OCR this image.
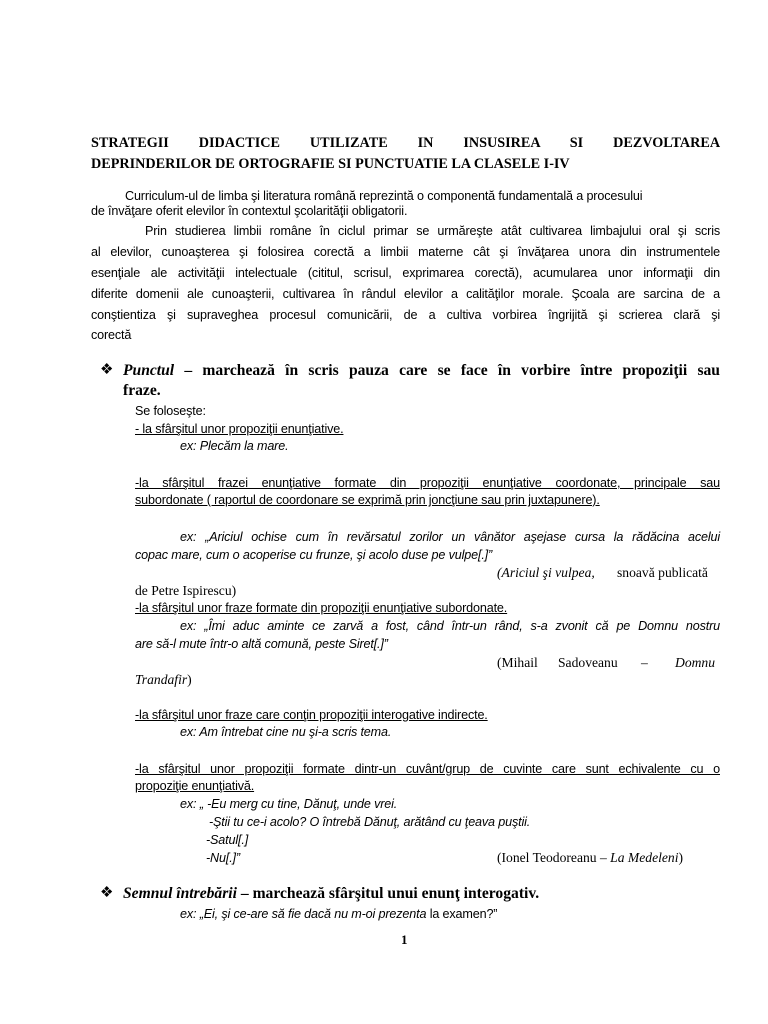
STRATEGII DIDACTICE UTILIZATE IN INSUSIREA SI DEZVOLTAREA
DEPRINDERILOR DE ORTOGRAFIE SI PUNCTUATIE LA CLASELE I-IV
Curriculum-ul de limba şi literatura română reprezintă o componentă fundamentală a procesului
de învăţare oferit elevilor în contextul şcolarităţii obligatorii.
Prin studierea limbii române în ciclul primar se urmăreşte atât cultivarea limbajului oral şi scris
al elevilor, cunoaşterea şi folosirea corectă a limbii materne cât şi învăţarea unora din instrumentele
esenţiale ale activităţii intelectuale (cititul, scrisul, exprimarea corectă), acumularea unor informaţii din
diferite domenii ale cunoaşterii, cultivarea în rândul elevilor a calităţilor morale. Şcoala are sarcina de a
conştientiza şi supraveghea procesul comunicării, de a cultiva vorbirea îngrijită şi scrierea clară şi
corectă
❖ Punctul – marchează în scris pauza care se face în vorbire între propoziţii sau
fraze.
Se foloseşte:
- la sfârşitul unor propoziţii enunţiative.
ex: Plecăm la mare.
-la sfârşitul frazei enunţiative formate din propoziţii enunţiative coordonate, principale sau
subordonate ( raportul de coordonare se exprimă prin joncţiune sau prin juxtapunere).
ex: „Ariciul ochise cum în revărsatul zorilor un vânător aşejase cursa la rădăcina acelui
copac mare, cum o acoperise cu frunze, şi acolo duse pe vulpe[.]”
(Ariciul şi vulpea, snoavă publicată
de Petre Ispirescu)
-la sfârşitul unor fraze formate din propoziţii enunţiative subordonate.
ex: „Îmi aduc aminte ce zarvă a fost, când într-un rând, s-a zvonit că pe Domnu nostru
are să-l mute într-o altă comună, peste Siret[.]”
(Mihail Sadoveanu – Domnu
Trandafir)
-la sfârşitul unor fraze care conţin propoziţii interogative indirecte.
ex: Am întrebat cine nu şi-a scris tema.
-la sfârşitul unor propoziţii formate dintr-un cuvânt/grup de cuvinte care sunt echivalente cu o
propoziţie enunţiativă.
ex: „ -Eu merg cu tine, Dănuţ, unde vrei.
-Ştii tu ce-i acolo? O întrebă Dănuţ, arătând cu ţeava puştii.
-Satul[.]
-Nu[.]”	(Ionel Teodoreanu – La Medeleni)
❖ Semnul întrebării – marchează sfârşitul unui enunţ interogativ.
ex: „Ei, şi ce-are să fie dacă nu m-oi prezenta la examen?”
1
